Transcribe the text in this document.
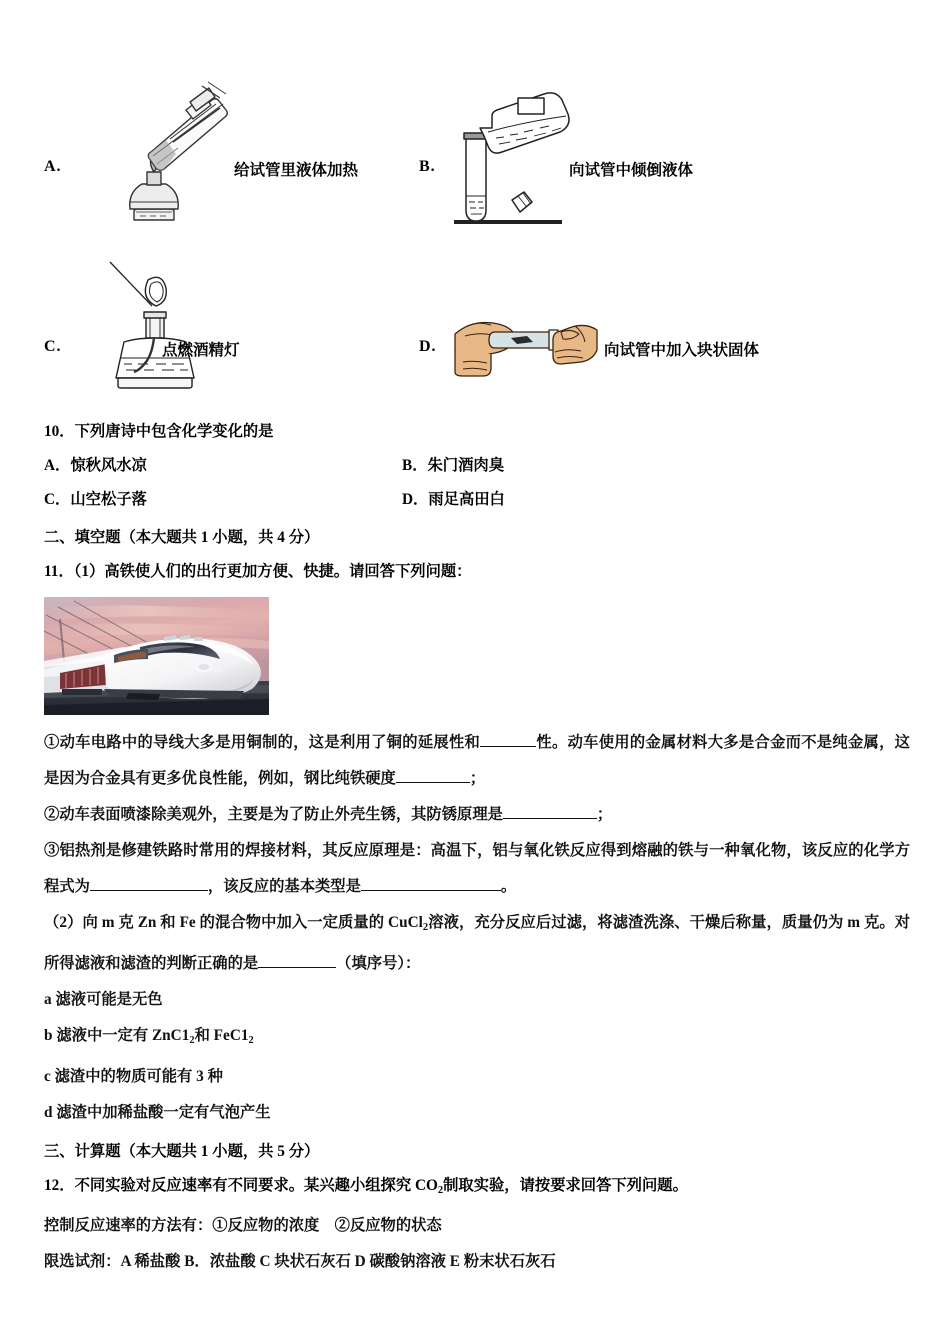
A.	给试管里液体加热	B.	向试管中倾倒液体
C.	点燃酒精灯	D.	向试管中加入块状固体
10．下列唐诗中包含化学变化的是
A．惊秋风水凉	B．朱门酒肉臭
C．山空松子落	D．雨足高田白
二、填空题（本大题共 1 小题，共 4 分）
11．（1）高铁使人们的出行更加方便、快捷。请回答下列问题：
①动车电路中的导线大多是用铜制的，这是利用了铜的延展性和	性。动车使用的金属材料大多是合金而不是纯金属，这是因为合金具有更多优良性能，例如，钢比纯铁硬度	；
②动车表面喷漆除美观外，主要是为了防止外壳生锈，其防锈原理是	；
③铝热剂是修建铁路时常用的焊接材料，其反应原理是：高温下，铝与氧化铁反应得到熔融的铁与一种氧化物，该反应的化学方程式为	，该反应的基本类型是	。
（2）向 m 克 Zn 和 Fe 的混合物中加入一定质量的 CuCl$_2$溶液，充分反应后过滤，将滤渣洗涤、干燥后称量，质量仍为 m 克。对所得滤液和滤渣的判断正确的是	（填序号）：
a 滤液可能是无色
b 滤液中一定有 $ZnC1_2$和 $FeC1_2$
c 滤渣中的物质可能有 3 种
d 滤渣中加稀盐酸一定有气泡产生
三、计算题（本大题共 1 小题，共 5 分）
12．不同实验对反应速率有不同要求。某兴趣小组探究 $CO_2$制取实验，请按要求回答下列问题。
控制反应速率的方法有：①反应物的浓度　②反应物的状态
限选试剂：A 稀盐酸 B．浓盐酸 C 块状石灰石 D 碳酸钠溶液 E 粉末状石灰石
